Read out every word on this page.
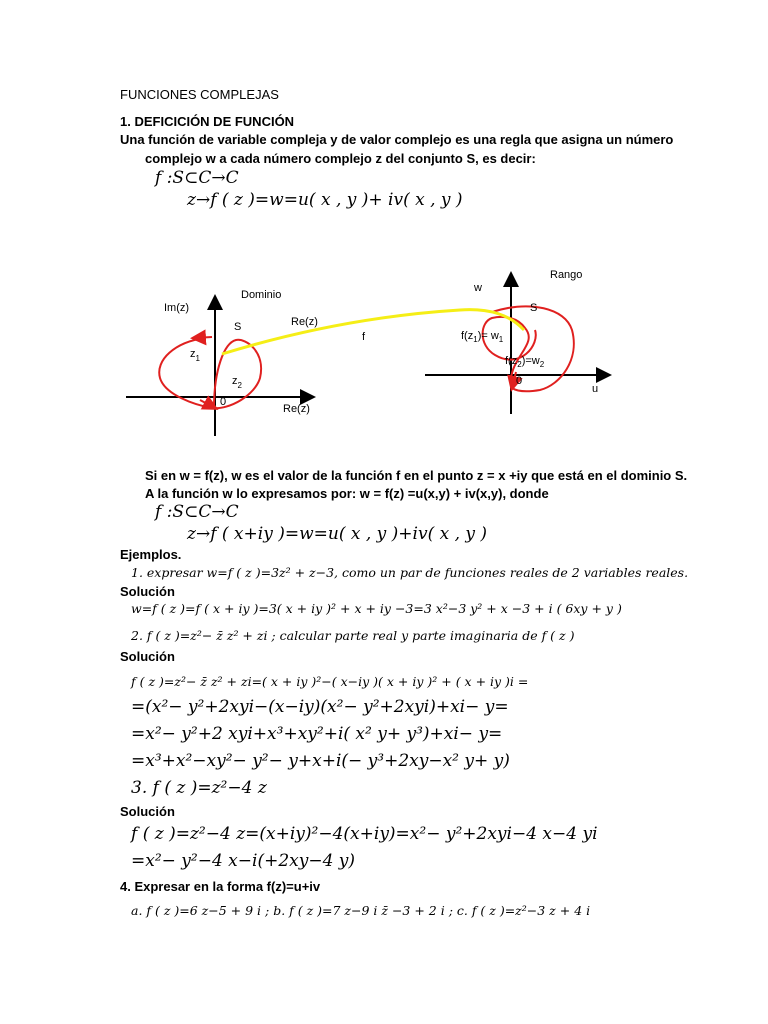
FUNCIONES COMPLEJAS
1. DEFICICIÓN DE FUNCIÓN
Una función de variable compleja y de valor complejo es una regla que asigna un número
complejo w a cada número complejo z del conjunto S, es decir:
f :S⊂C→C
z→f ( z )=w=u( x , y )+ iv( x , y )
Im(z)
Dominio
S	Re(z)
$z_1$
$z_2$
0
Re(z)
f
Rango
w
S
$f(z_1)= w_1$
$f(z_2)=w_2$
0
u
Si en w = f(z), w es el valor de la función f en el punto z = x +iy que está en el dominio S.
A la función w lo expresamos por: w = f(z) =u(x,y) + iv(x,y), donde
f :S⊂C→C
z→f ( x+iy )=w=u( x , y )+iv( x , y )
Ejemplos.
1. expresar w=f ( z )=3z² + z−3, como un par de funciones reales de 2 variables reales.
Solución
w=f ( z )=f ( x + iy )=3( x + iy )² + x + iy −3=3 x²−3 y² + x −3 + i ( 6xy + y )
2. f ( z )=z²− z̄ z² + zi ; calcular parte real y parte imaginaria de f ( z )
Solución
f ( z )=z²− z̄ z² + zi=( x + iy )²−( x−iy )( x + iy )² + ( x + iy )i =
=(x²− y²+2xyi−(x−iy)(x²− y²+2xyi)+xi− y=
=x²− y²+2 xyi+x³+xy²+i( x² y+ y³)+xi− y=
=x³+x²−xy²− y²− y+x+i(− y³+2xy−x² y+ y)
3. f ( z )=z²−4 z
Solución
f ( z )=z²−4 z=(x+iy)²−4(x+iy)=x²− y²+2xyi−4 x−4 yi
=x²− y²−4 x−i(+2xy−4 y)
4. Expresar en la forma f(z)=u+iv
a. f ( z )=6 z−5 + 9 i ; b. f ( z )=7 z−9 i z̄ −3 + 2 i ; c. f ( z )=z²−3 z + 4 i
